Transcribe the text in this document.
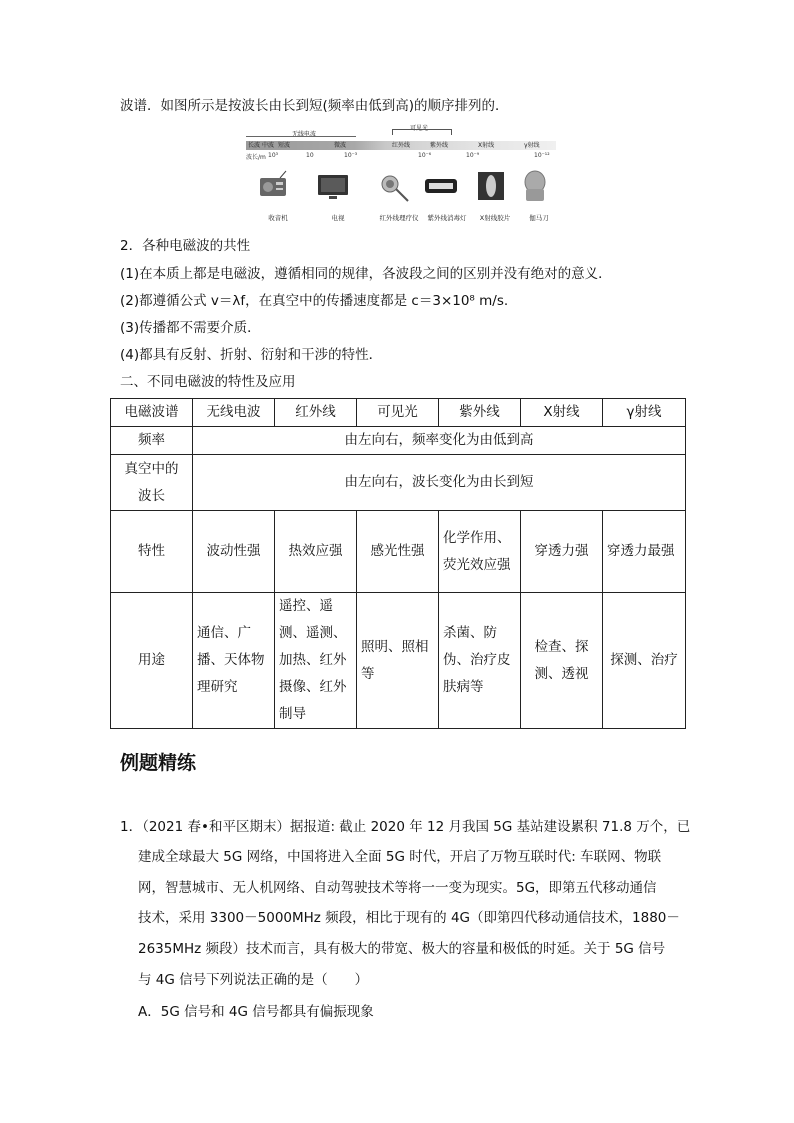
波谱．如图所示是按波长由长到短(频率由低到高)的顺序排列的．
无线电波
可见光
长波 中波 短波	微波	红外线	紫外线	X射线	γ射线
波长/m 10³	10	10⁻³	10⁻⁶	10⁻⁹	10⁻¹²
收音机	电视	红外线理疗仪	紫外线消毒灯	X射线胶片	伽马刀
2．各种电磁波的共性
(1)在本质上都是电磁波，遵循相同的规律，各波段之间的区别并没有绝对的意义．
(2)都遵循公式 v＝λf，在真空中的传播速度都是 c＝3×10⁸ m/s.
(3)传播都不需要介质．
(4)都具有反射、折射、衍射和干涉的特性．
二、不同电磁波的特性及应用
电磁波谱	无线电波	红外线	可见光	紫外线	X射线	γ射线
频率	由左向右，频率变化为由低到高					
真空中的
波长	由左向右，波长变化为由长到短					
特性	波动性强	热效应强	感光性强	化学作用、荧光效应强	穿透力强	穿透力最强
用途	通信、广播、天体物理研究	遥控、遥测、遥测、加热、红外摄像、红外制导	照明、照相等	杀菌、防伪、治疗皮肤病等	检查、探测、透视	探测、治疗
例题精练
1．（2021 春•和平区期末）据报道: 截止 2020 年 12 月我国 5G 基站建设累积 71.8 万个，已
建成全球最大 5G 网络，中国将进入全面 5G 时代，开启了万物互联时代: 车联网、物联
网，智慧城市、无人机网络、自动驾驶技术等将一一变为现实。5G，即第五代移动通信
技术，采用 3300－5000MHz 频段，相比于现有的 4G（即第四代移动通信技术，1880－
2635MHz 频段）技术而言，具有极大的带宽、极大的容量和极低的时延。关于 5G 信号
与 4G 信号下列说法正确的是（　　）
A．5G 信号和 4G 信号都具有偏振现象
